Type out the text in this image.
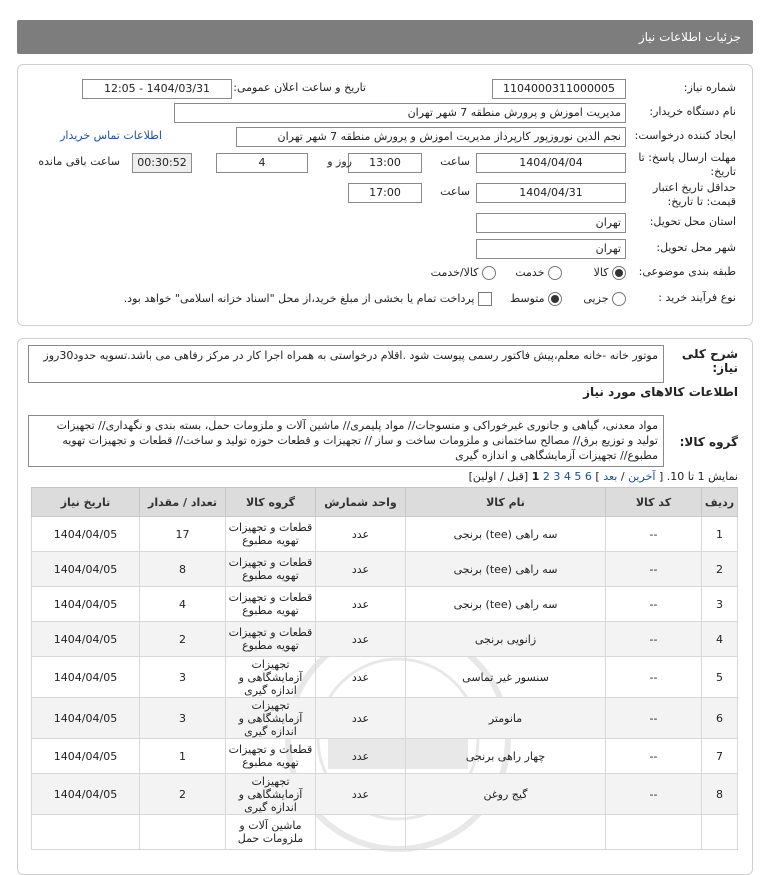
جزئیات اطلاعات نیاز
شماره نیاز:
1104000311000005
تاریخ و ساعت اعلان عمومی:
1404/03/31 - 12:05
نام دستگاه خریدار:
مدیریت اموزش و پرورش منطقه 7 شهر تهران
ایجاد کننده درخواست:
نجم الدین نوروزپور کارپرداز مدیریت اموزش و پرورش منطقه 7 شهر تهران
اطلاعات تماس خریدار
مهلت ارسال پاسخ: تا تاریخ:
1404/04/04
ساعت
13:00
4	روز و
00:30:52
ساعت باقی مانده
حداقل تاریخ اعتبار قیمت: تا تاریخ:
1404/04/31
ساعت
17:00
استان محل تحویل:
تهران
شهر محل تحویل:
تهران
طبقه بندی موضوعی:
کالا
خدمت
کالا/خدمت
نوع فرآیند خرید :
جزیی
متوسط
پرداخت تمام یا بخشی از مبلغ خرید،از محل "اسناد خزانه اسلامی" خواهد بود.
شرح کلی نیاز:
موتور خانه -خانه معلم،پیش فاکتور رسمی پیوست شود .اقلام درخواستی به همراه اجرا کار در مرکز رفاهی می باشد.تسویه حدود30روز
اطلاعات کالاهای مورد نیاز
گروه کالا:
مواد معدنی، گیاهی و جانوری غیرخوراکی و منسوجات// مواد پلیمری// ماشین آلات و ملزومات حمل، بسته بندی و نگهداری// تجهیزات تولید و توزیع برق// مصالح ساختمانی و ملزومات ساخت و ساز // تجهیزات و قطعات حوزه تولید و ساخت// قطعات و تجهیزات تهویه مطبوع// تجهیزات آزمایشگاهی و اندازه گیری
نمایش 1 تا 10. [ آخرین / بعد ] 6 5 4 3 2 1 [قبل / اولین]
ردیف	کد کالا	نام کالا	واحد شمارش	گروه کالا	تعداد / مقدار	تاریخ نیاز
1	--	سه راهی (tee) برنجی	عدد	قطعات و تجهیزات تهویه مطبوع	17	1404/04/05
2	--	سه راهی (tee) برنجی	عدد	قطعات و تجهیزات تهویه مطبوع	8	1404/04/05
3	--	سه راهی (tee) برنجی	عدد	قطعات و تجهیزات تهویه مطبوع	4	1404/04/05
4	--	زانویی برنجی	عدد	قطعات و تجهیزات تهویه مطبوع	2	1404/04/05
5	--	سنسور غیر تماسی	عدد	تجهیزات آزمایشگاهی و اندازه گیری	3	1404/04/05
6	--	مانومتر	عدد	تجهیزات آزمایشگاهی و اندازه گیری	3	1404/04/05
7	--	چهار راهی برنجی	عدد	قطعات و تجهیزات تهویه مطبوع	1	1404/04/05
8	--	گیج روغن	عدد	تجهیزات آزمایشگاهی و اندازه گیری	2	1404/04/05
				ماشین آلات و ملزومات حمل		
